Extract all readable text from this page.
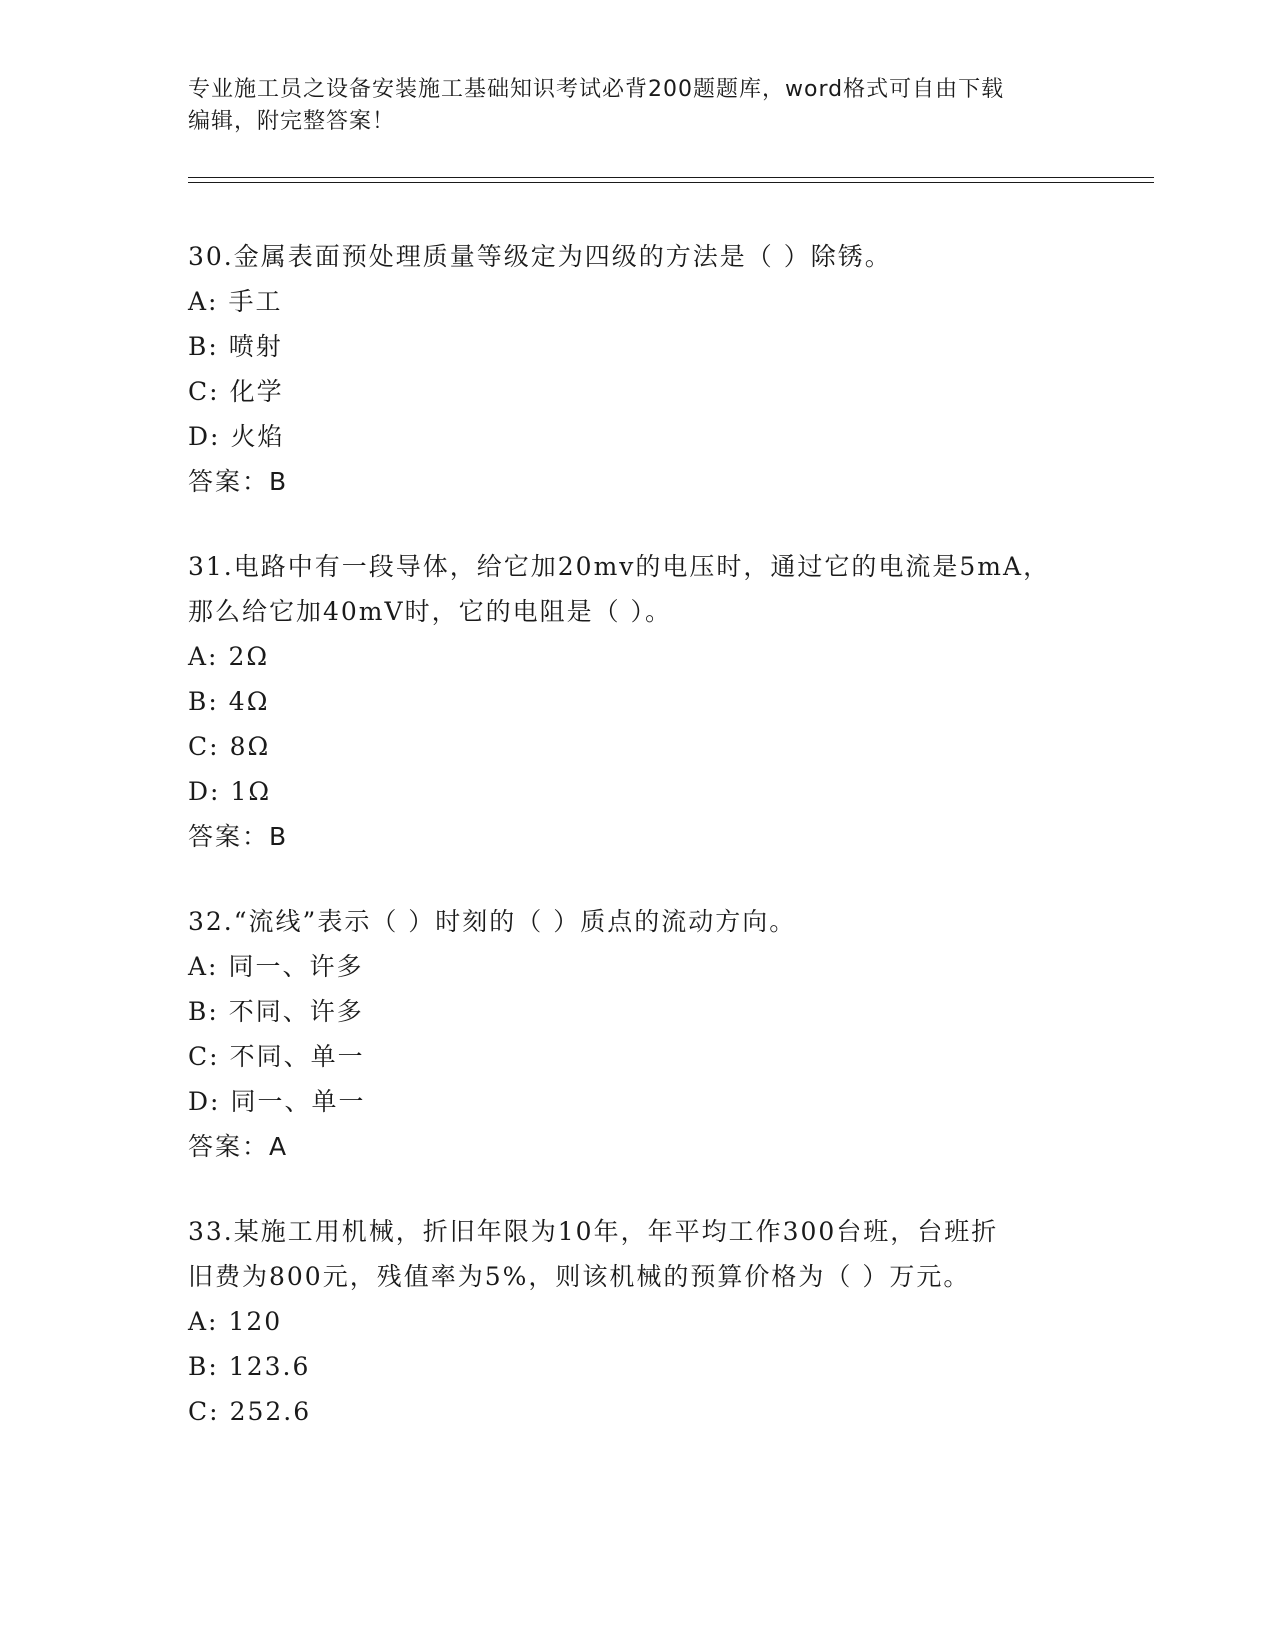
专业施工员之设备安装施工基础知识考试必背200题题库，word格式可自由下载
编辑，附完整答案！

30.金属表面预处理质量等级定为四级的方法是（ ）除锈。

A: 手工

B: 喷射

C: 化学

D: 火焰

答案：B

31.电路中有一段导体，给它加20mv的电压时，通过它的电流是5mA，

那么给它加40mV时，它的电阻是（ ）。

A: 2Ω

B: 4Ω

C: 8Ω

D: 1Ω

答案：B

32.“流线”表示（ ）时刻的（ ）质点的流动方向。

A: 同一、许多

B: 不同、许多

C: 不同、单一

D: 同一、单一

答案：A

33.某施工用机械，折旧年限为10年，年平均工作300台班，台班折

旧费为800元，残值率为5%，则该机械的预算价格为（ ）万元。

A: 120

B: 123.6

C: 252.6
